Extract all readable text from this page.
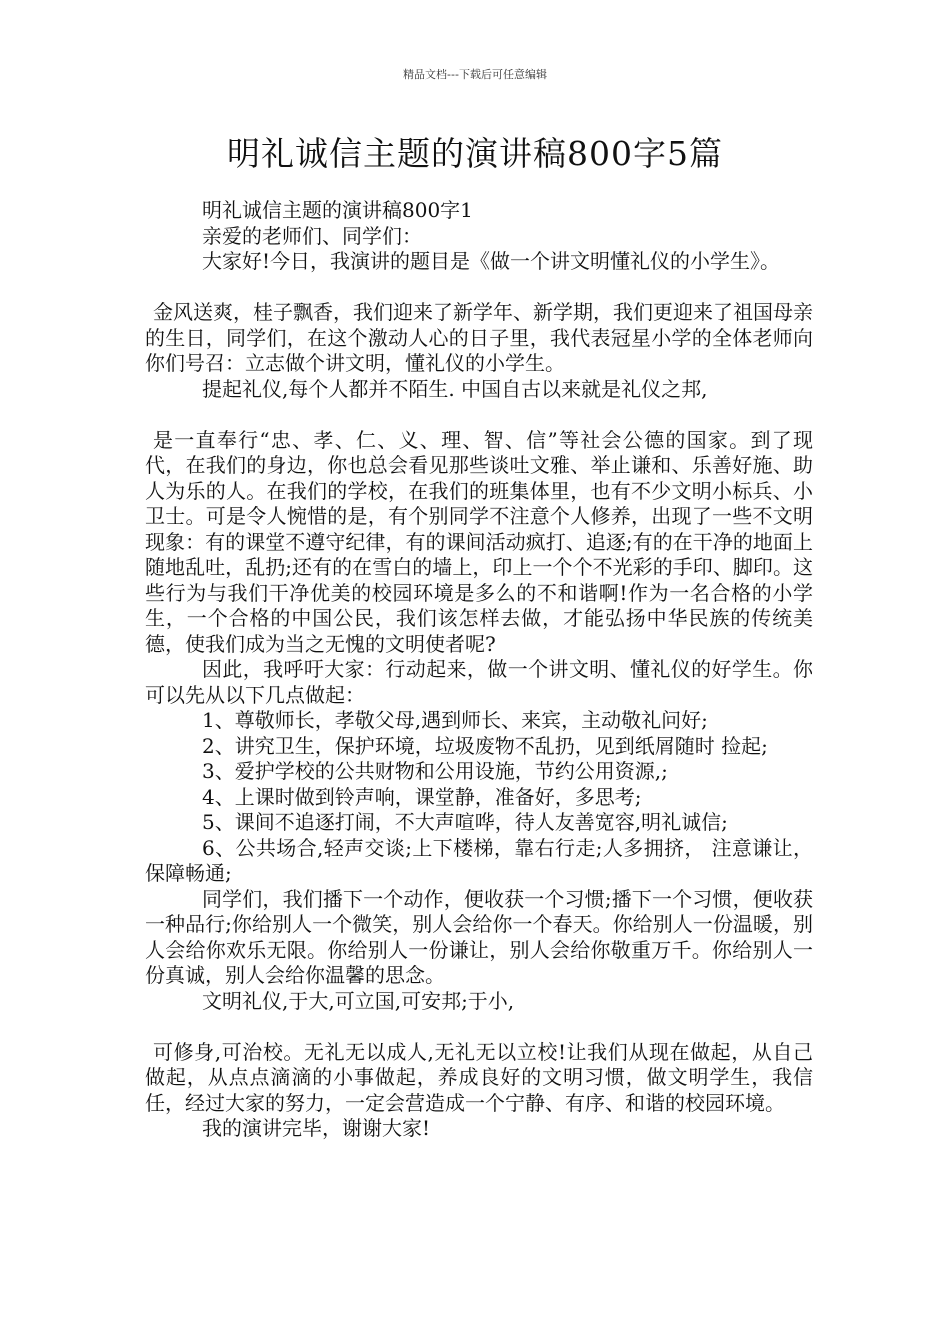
精品文档---下载后可任意编辑
明礼诚信主题的演讲稿800字5篇

明礼诚信主题的演讲稿800字1

亲爱的老师们、同学们：

大家好!今日，我演讲的题目是《做一个讲文明懂礼仪的小学生》。

金风送爽，桂子飘香，我们迎来了新学年、新学期，我们更迎来了祖国母亲的生日，同学们，在这个激动人心的日子里，我代表冠星小学的全体老师向你们号召：立志做个讲文明，懂礼仪的小学生。

提起礼仪,每个人都并不陌生. 中国自古以来就是礼仪之邦,

是一直奉行“忠、孝、仁、义、理、智、信”等社会公德的国家。到了现代，在我们的身边，你也总会看见那些谈吐文雅、举止谦和、乐善好施、助人为乐的人。在我们的学校，在我们的班集体里，也有不少文明小标兵、小卫士。可是令人惋惜的是，有个别同学不注意个人修养，出现了一些不文明现象：有的课堂不遵守纪律，有的课间活动疯打、追逐;有的在干净的地面上随地乱吐，乱扔;还有的在雪白的墙上，印上一个个不光彩的手印、脚印。这些行为与我们干净优美的校园环境是多么的不和谐啊!作为一名合格的小学生，一个合格的中国公民，我们该怎样去做，才能弘扬中华民族的传统美德，使我们成为当之无愧的文明使者呢?

因此，我呼吁大家：行动起来，做一个讲文明、懂礼仪的好学生。你可以先从以下几点做起：

1、尊敬师长，孝敬父母,遇到师长、来宾，主动敬礼问好;

2、讲究卫生，保护环境，垃圾废物不乱扔，见到纸屑随时 捡起;

3、爱护学校的公共财物和公用设施，节约公用资源,;

4、上课时做到铃声响，课堂静，准备好，多思考;

5、课间不追逐打闹，不大声喧哗，待人友善宽容,明礼诚信;

6、公共场合,轻声交谈;上下楼梯，靠右行走;人多拥挤， 注意谦让，保障畅通;

同学们，我们播下一个动作，便收获一个习惯;播下一个习惯，便收获一种品行;你给别人一个微笑，别人会给你一个春天。你给别人一份温暖，别人会给你欢乐无限。你给别人一份谦让，别人会给你敬重万千。你给别人一份真诚，别人会给你温馨的思念。

文明礼仪,于大,可立国,可安邦;于小,

可修身,可治校。无礼无以成人,无礼无以立校!让我们从现在做起，从自己做起，从点点滴滴的小事做起，养成良好的文明习惯，做文明学生，我信任，经过大家的努力，一定会营造成一个宁静、有序、和谐的校园环境。

我的演讲完毕，谢谢大家!
